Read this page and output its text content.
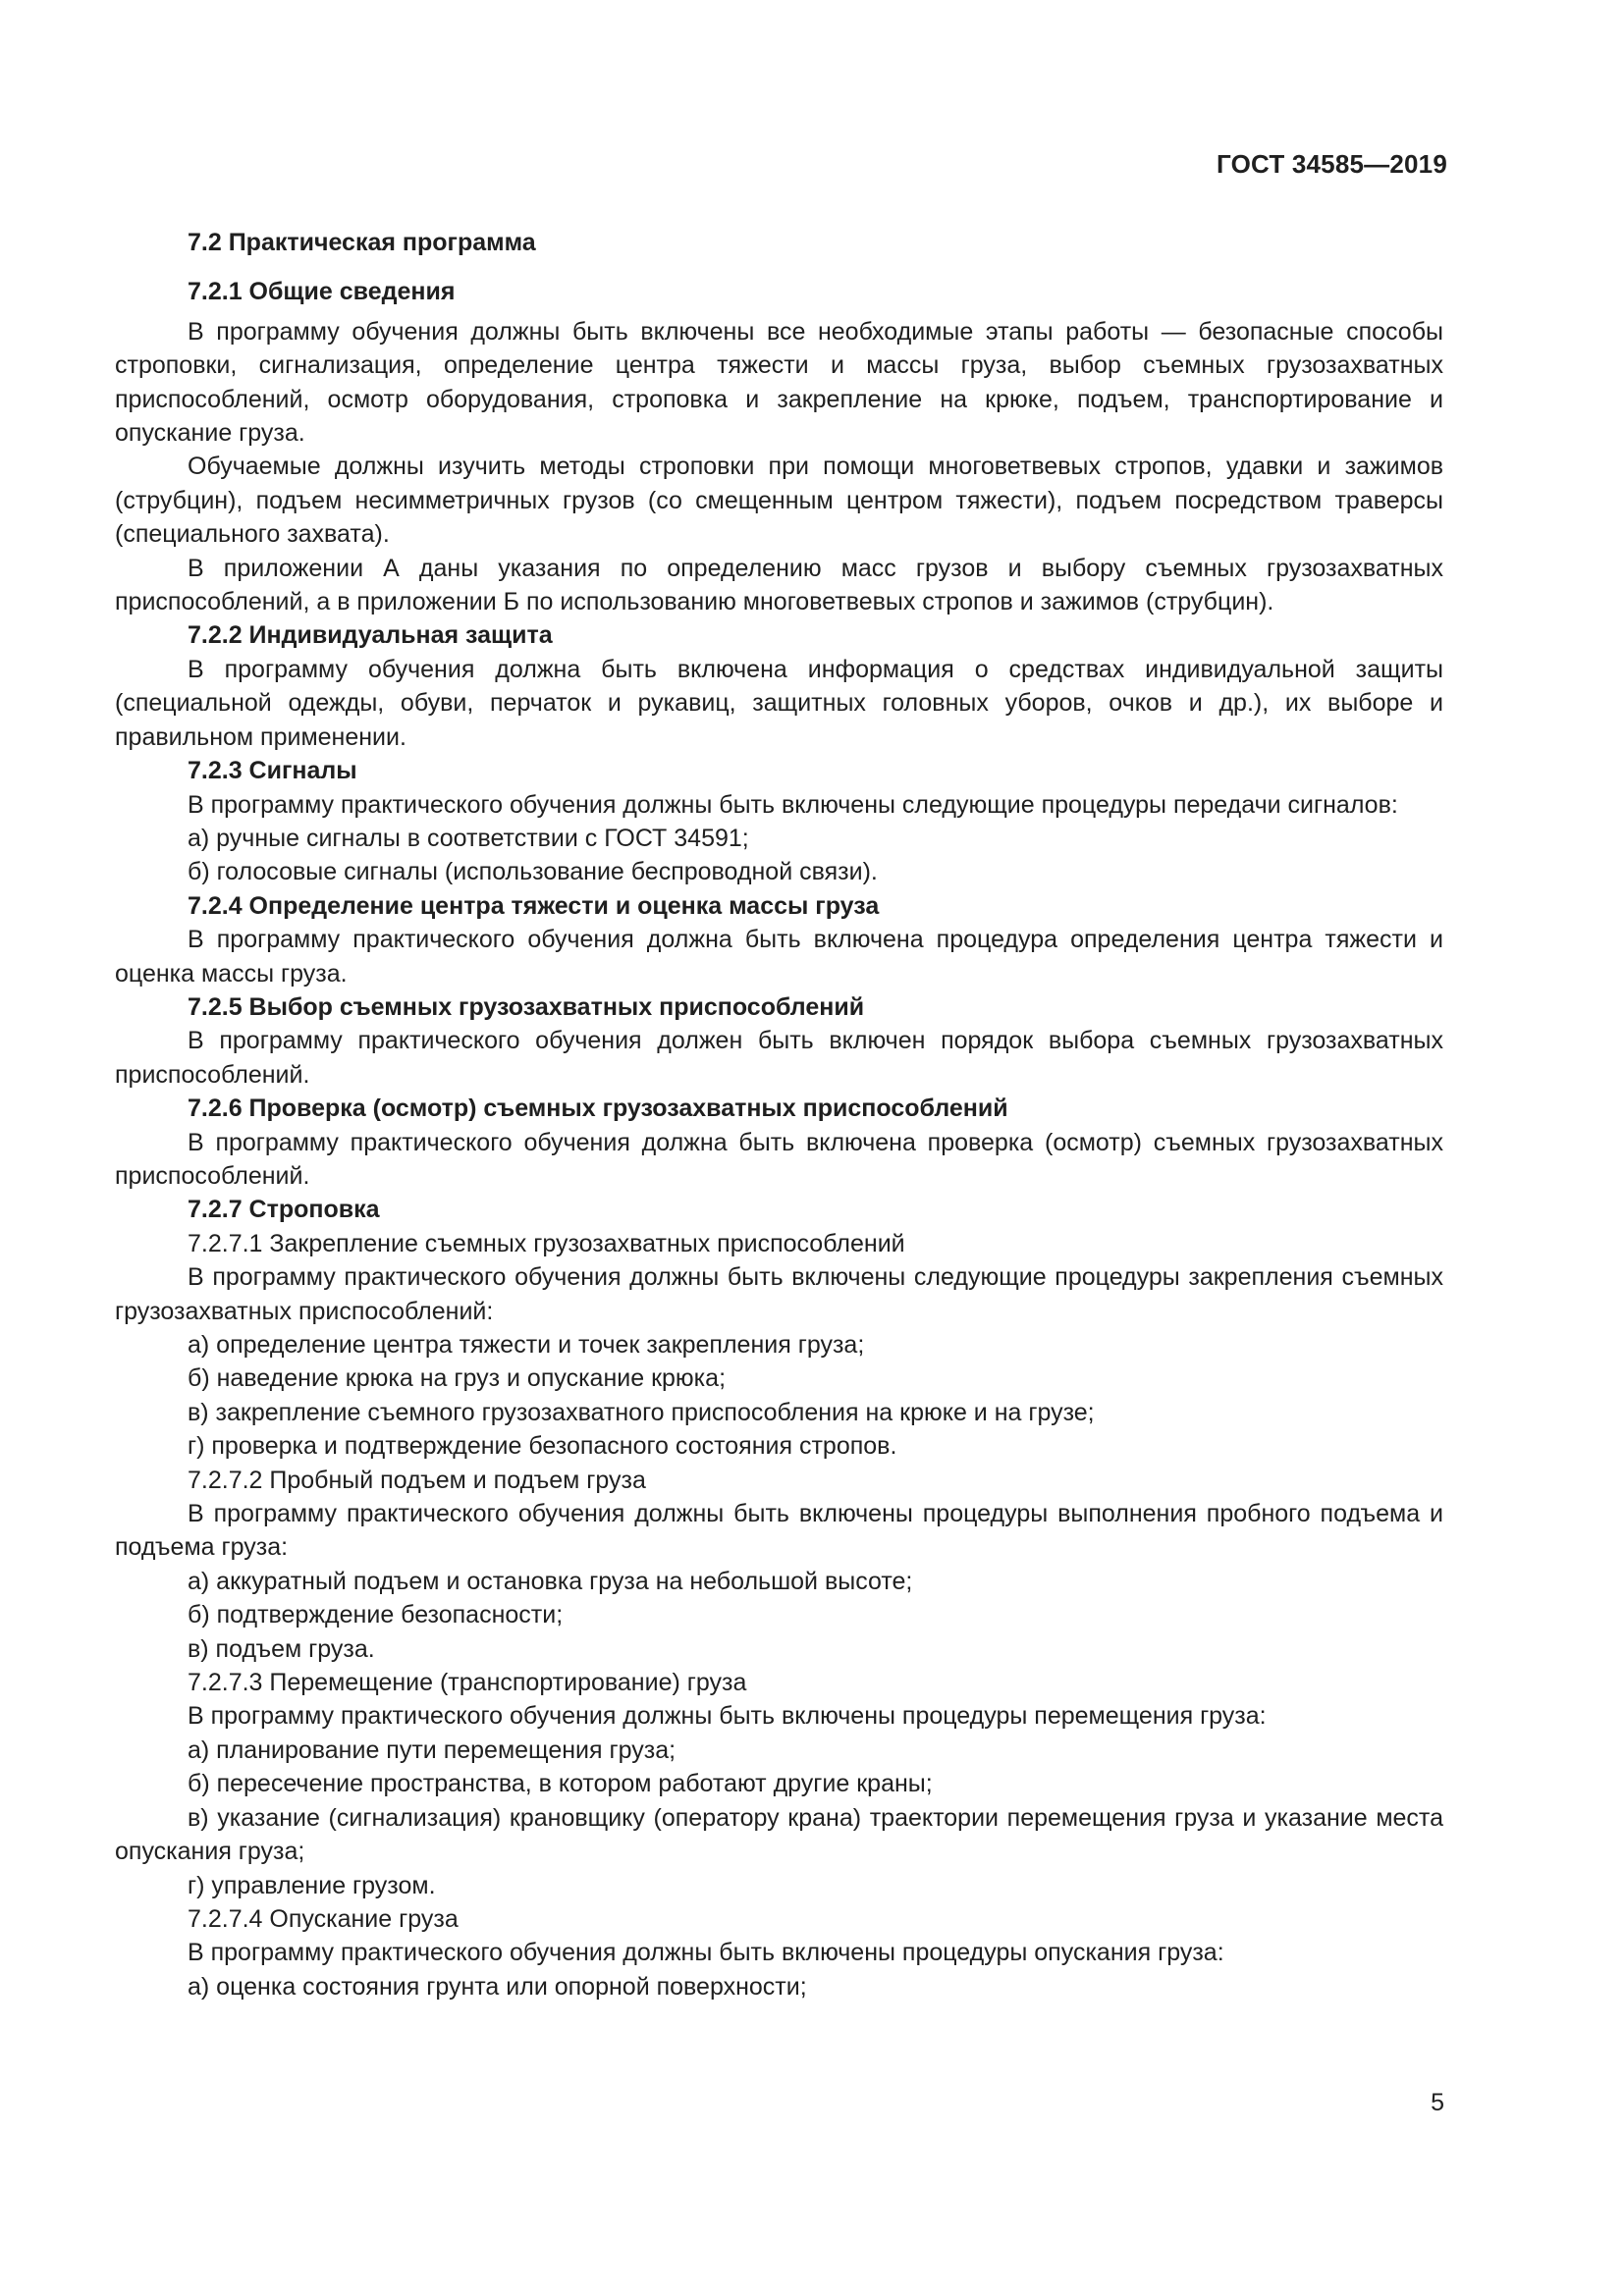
ГОСТ 34585—2019

7.2 Практическая программа

7.2.1 Общие сведения

В программу обучения должны быть включены все необходимые этапы работы — безопасные способы строповки, сигнализация, определение центра тяжести и массы груза, выбор съемных грузозахватных приспособлений, осмотр оборудования, строповка и закрепление на крюке, подъем, транспортирование и опускание груза.

Обучаемые должны изучить методы строповки при помощи многоветвевых стропов, удавки и зажимов (струбцин), подъем несимметричных грузов (со смещенным центром тяжести), подъем посредством траверсы (специального захвата).

В приложении А даны указания по определению масс грузов и выбору съемных грузозахватных приспособлений, а в приложении Б по использованию многоветвевых стропов и зажимов (струбцин).

7.2.2 Индивидуальная защита

В программу обучения должна быть включена информация о средствах индивидуальной защиты (специальной одежды, обуви, перчаток и рукавиц, защитных головных уборов, очков и др.), их выборе и правильном применении.

7.2.3 Сигналы

В программу практического обучения должны быть включены следующие процедуры передачи сигналов:

а) ручные сигналы в соответствии с ГОСТ 34591;

б) голосовые сигналы (использование беспроводной связи).

7.2.4 Определение центра тяжести и оценка массы груза

В программу практического обучения должна быть включена процедура определения центра тяжести и оценка массы груза.

7.2.5 Выбор съемных грузозахватных приспособлений

В программу практического обучения должен быть включен порядок выбора съемных грузозахватных приспособлений.

7.2.6 Проверка (осмотр) съемных грузозахватных приспособлений

В программу практического обучения должна быть включена проверка (осмотр) съемных грузозахватных приспособлений.

7.2.7 Строповка

7.2.7.1 Закрепление съемных грузозахватных приспособлений

В программу практического обучения должны быть включены следующие процедуры закрепления съемных грузозахватных приспособлений:

а) определение центра тяжести и точек закрепления груза;

б) наведение крюка на груз и опускание крюка;

в) закрепление съемного грузозахватного приспособления на крюке и на грузе;

г) проверка и подтверждение безопасного состояния стропов.

7.2.7.2 Пробный подъем и подъем груза

В программу практического обучения должны быть включены процедуры выполнения пробного подъема и подъема груза:

а) аккуратный подъем и остановка груза на небольшой высоте;

б) подтверждение безопасности;

в) подъем груза.

7.2.7.3 Перемещение (транспортирование) груза

В программу практического обучения должны быть включены процедуры перемещения груза:

а) планирование пути перемещения груза;

б) пересечение пространства, в котором работают другие краны;

в) указание (сигнализация) крановщику (оператору крана) траектории перемещения груза и указание места опускания груза;

г) управление грузом.

7.2.7.4 Опускание груза

В программу практического обучения должны быть включены процедуры опускания груза:

а) оценка состояния грунта или опорной поверхности;

5
